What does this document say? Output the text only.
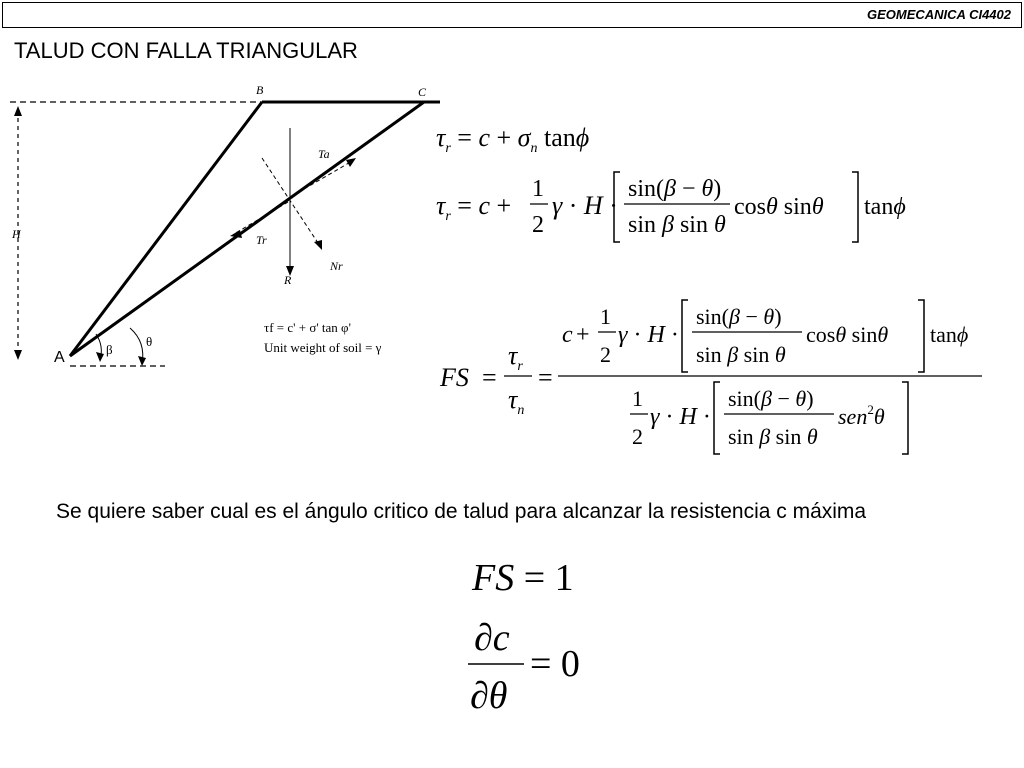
GEOMECANICA CI4402
TALUD CON FALLA TRIANGULAR
H
B	C
A
R
Ta
Tr
Nr
β
θ
τf = c' + σ' tan φ'
Unit weight of soil = γ
$\tau_r = c + \sigma_n$ tanϕ
$\tau_r = c$ +
1
2
γ · H ·
sin(β − θ)
sin β sin θ
cosθ sinθ tanϕ
FS =
$\tau_r$
$\tau_n$
=
c +
1
2
γ · H ·
sin(β − θ)
sin β sin θ
cosθ sinθ tanϕ
1
2
γ · H ·
sin(β − θ)
sin β sin θ
sen$^2$θ

Se quiere saber cual es el ángulo critico de talud para alcanzar la resistencia c máxima

FS = 1
∂c
∂θ
= 0
